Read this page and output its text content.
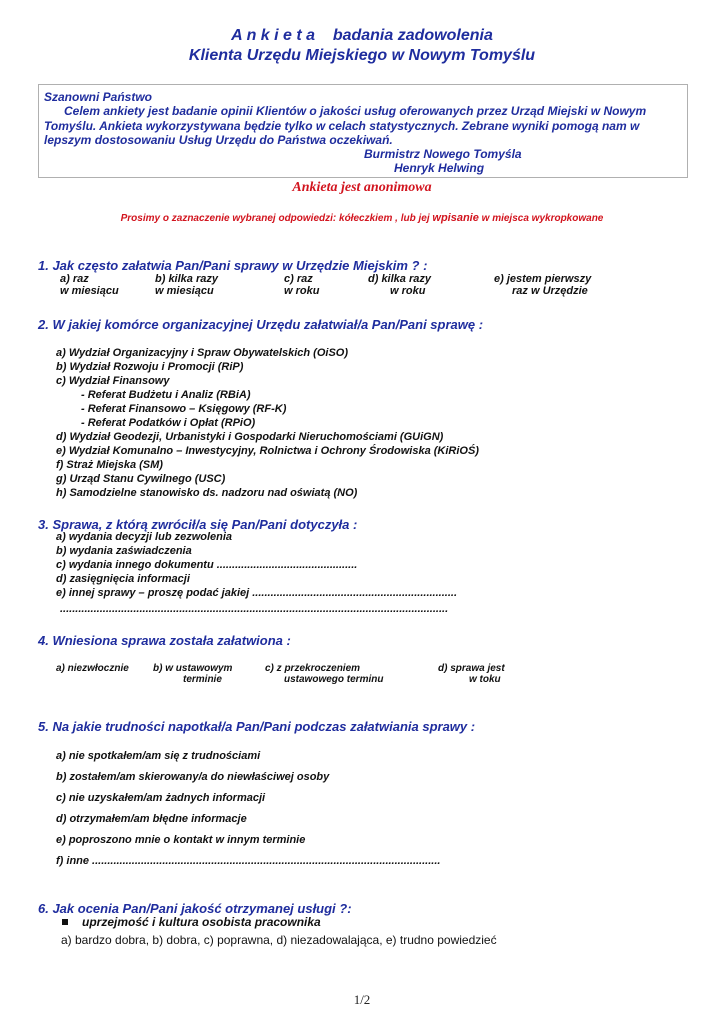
A n k i e t a badania zadowolenia
Klienta Urzędu Miejskiego w Nowym Tomyślu
Szanowni Państwo
Celem ankiety jest badanie opinii Klientów o jakości usług oferowanych przez Urząd Miejski w Nowym
Tomyślu. Ankieta wykorzystywana będzie tylko w celach statystycznych. Zebrane wyniki pomogą nam w
lepszym dostosowaniu Usług Urzędu do Państwa oczekiwań.
Burmistrz Nowego Tomyśla
Henryk Helwing
Ankieta jest anonimowa
Prosimy o zaznaczenie wybranej odpowiedzi: kółeczkiem , lub jej wpisanie w miejsca wykropkowane
1. Jak często załatwia Pan/Pani sprawy w Urzędzie Miejskim ? :
a) raz
w miesiącu
b) kilka razy
w miesiącu
c) raz
w roku
d) kilka razy
w roku
e) jestem pierwszy
raz w Urzędzie
2. W jakiej komórce organizacyjnej Urzędu załatwiał/a Pan/Pani sprawę :
a) Wydział Organizacyjny i Spraw Obywatelskich (OiSO)
b) Wydział Rozwoju i Promocji (RiP)
c) Wydział Finansowy
- Referat Budżetu i Analiz (RBiA)
- Referat Finansowo – Księgowy (RF-K)
- Referat Podatków i Opłat (RPiO)
d) Wydział Geodezji, Urbanistyki i Gospodarki Nieruchomościami (GUiGN)
e) Wydział Komunalno – Inwestycyjny, Rolnictwa i Ochrony Środowiska (KiRiOŚ)
f) Straż Miejska (SM)
g) Urząd Stanu Cywilnego (USC)
h) Samodzielne stanowisko ds. nadzoru nad oświatą (NO)
3. Sprawa, z którą zwrócił/a się Pan/Pani dotyczyła :
a) wydania decyzji lub zezwolenia
b) wydania zaświadczenia
c) wydania innego dokumentu ..............................................
d) zasięgnięcia informacji
e) innej sprawy – proszę podać jakiej ...................................................................
...............................................................................................................................
4. Wniesiona sprawa została załatwiona :
a) niezwłocznie b) w ustawowym
terminie
c) z przekroczeniem
ustawowego terminu
d) sprawa jest
w toku
5. Na jakie trudności napotkał/a Pan/Pani podczas załatwiania sprawy :
a) nie spotkałem/am się z trudnościami
b) zostałem/am skierowany/a do niewłaściwej osoby
c) nie uzyskałem/am żadnych informacji
d) otrzymałem/am błędne informacje
e) poproszono mnie o kontakt w innym terminie
f) inne ..................................................................................................................
6. Jak ocenia Pan/Pani jakość otrzymanej usługi ?:
uprzejmość i kultura osobista pracownika
a) bardzo dobra, b) dobra, c) poprawna, d) niezadowalająca, e) trudno powiedzieć
1/2
